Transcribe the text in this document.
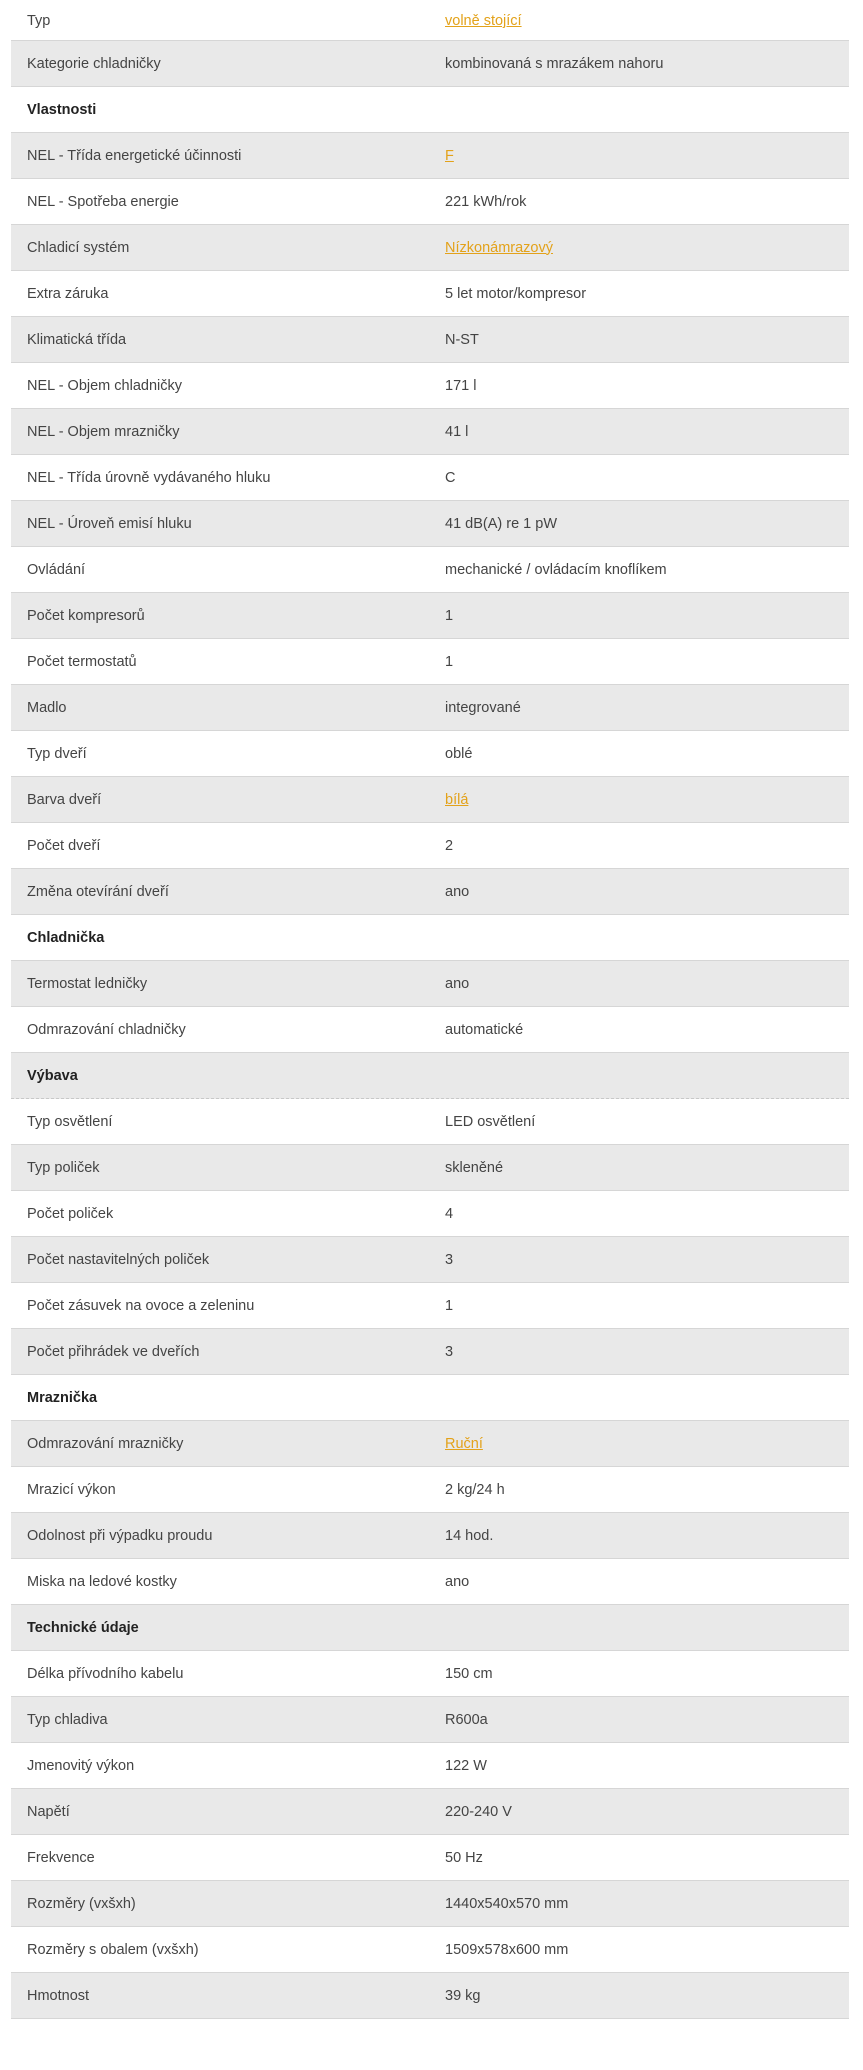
Typ	volně stojící
Kategorie chladničky	kombinovaná s mrazákem nahoru
Vlastnosti
NEL - Třída energetické účinnosti	F
NEL - Spotřeba energie	221 kWh/rok
Chladicí systém	Nízkonámrazový
Extra záruka	5 let motor/kompresor
Klimatická třída	N-ST
NEL - Objem chladničky	171 l
NEL - Objem mrazničky	41 l
NEL - Třída úrovně vydávaného hluku	C
NEL - Úroveň emisí hluku	41 dB(A) re 1 pW
Ovládání	mechanické / ovládacím knoflíkem
Počet kompresorů	1
Počet termostatů	1
Madlo	integrované
Typ dveří	oblé
Barva dveří	bílá
Počet dveří	2
Změna otevírání dveří	ano
Chladnička
Termostat ledničky	ano
Odmrazování chladničky	automatické
Výbava
Typ osvětlení	LED osvětlení
Typ poliček	skleněné
Počet poliček	4
Počet nastavitelných poliček	3
Počet zásuvek na ovoce a zeleninu	1
Počet přihrádek ve dveřích	3
Mraznička
Odmrazování mrazničky	Ruční
Mrazicí výkon	2 kg/24 h
Odolnost při výpadku proudu	14 hod.
Miska na ledové kostky	ano
Technické údaje
Délka přívodního kabelu	150 cm
Typ chladiva	R600a
Jmenovitý výkon	122 W
Napětí	220-240 V
Frekvence	50 Hz
Rozměry (vxšxh)	1440x540x570 mm
Rozměry s obalem (vxšxh)	1509x578x600 mm
Hmotnost	39 kg
